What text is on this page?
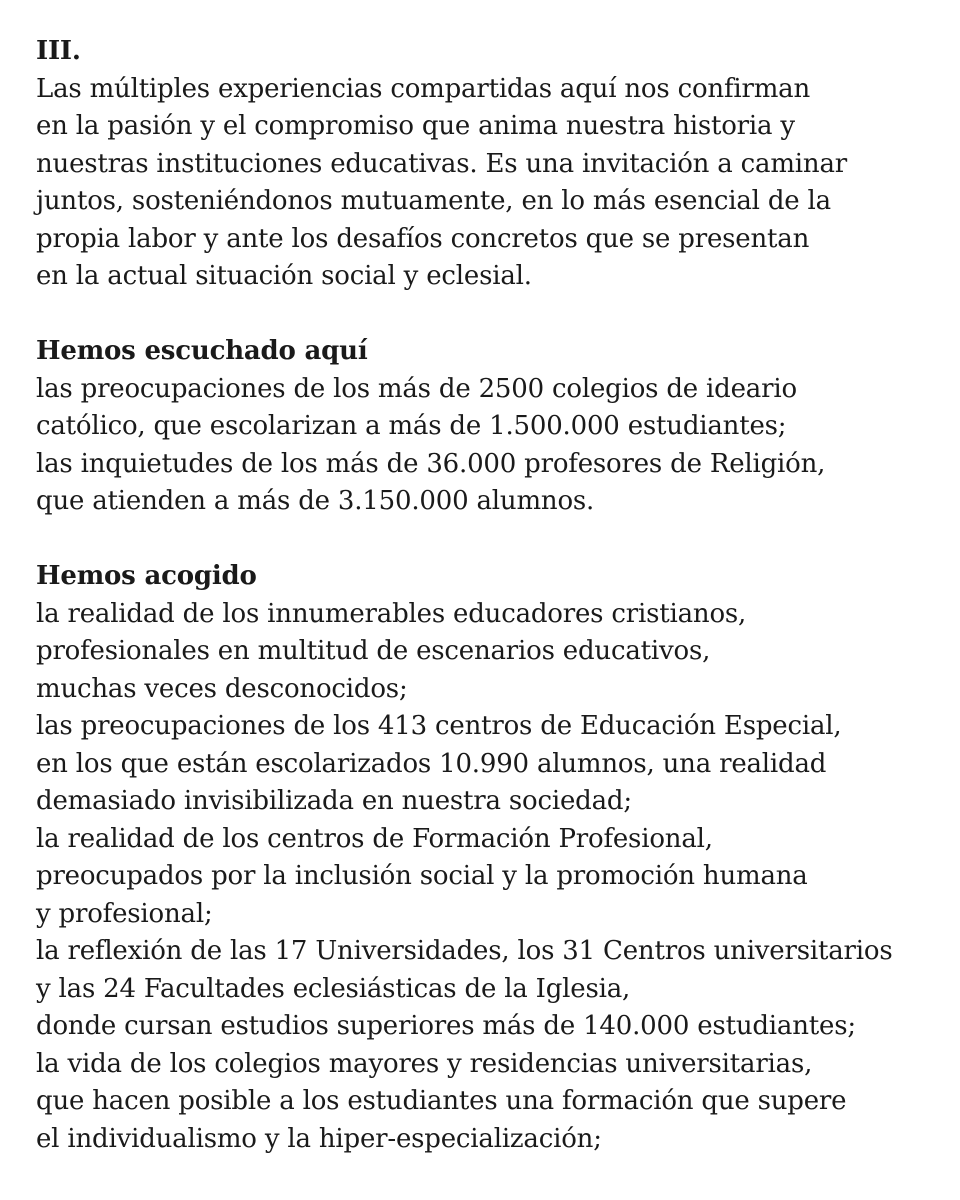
III.
Las múltiples experiencias compartidas aquí nos confirman
en la pasión y el compromiso que anima nuestra historia y
nuestras instituciones educativas. Es una invitación a caminar
juntos, sosteniéndonos mutuamente, en lo más esencial de la
propia labor y ante los desafíos concretos que se presentan
en la actual situación social y eclesial.
Hemos escuchado aquí
las preocupaciones de los más de 2500 colegios de ideario
católico, que escolarizan a más de 1.500.000 estudiantes;
las inquietudes de los más de 36.000 profesores de Religión,
que atienden a más de 3.150.000 alumnos.
Hemos acogido
la realidad de los innumerables educadores cristianos,
profesionales en multitud de escenarios educativos,
muchas veces desconocidos;
las preocupaciones de los 413 centros de Educación Especial,
en los que están escolarizados 10.990 alumnos, una realidad
demasiado invisibilizada en nuestra sociedad;
la realidad de los centros de Formación Profesional,
preocupados por la inclusión social y la promoción humana
y profesional;
la reflexión de las 17 Universidades, los 31 Centros universitarios
y las 24 Facultades eclesiásticas de la Iglesia,
donde cursan estudios superiores más de 140.000 estudiantes;
la vida de los colegios mayores y residencias universitarias,
que hacen posible a los estudiantes una formación que supere
el individualismo y la hiper-especialización;
